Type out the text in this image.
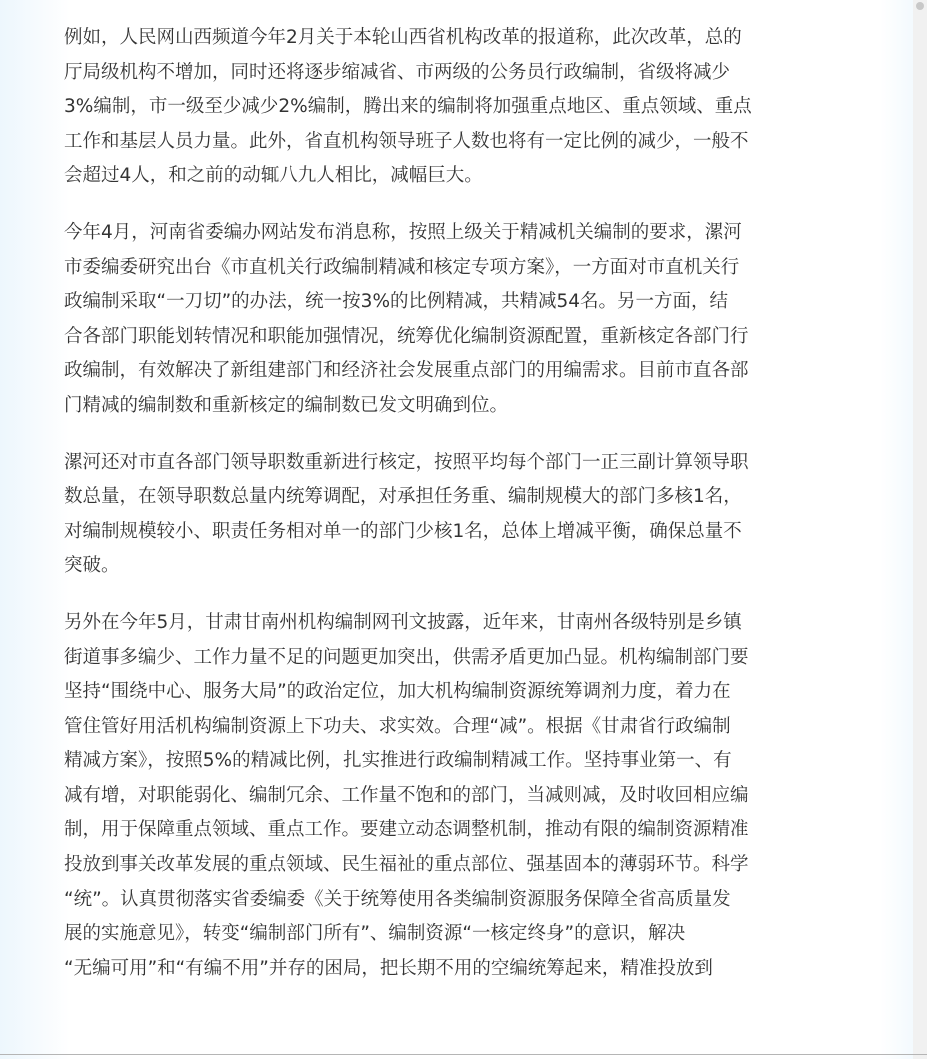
例如，人民网山西频道今年2月关于本轮山西省机构改革的报道称，此次改革，总的
厅局级机构不增加，同时还将逐步缩减省、市两级的公务员行政编制，省级将减少
3%编制，市一级至少减少2%编制，腾出来的编制将加强重点地区、重点领域、重点
工作和基层人员力量。此外，省直机构领导班子人数也将有一定比例的减少，一般不
会超过4人，和之前的动辄八九人相比，减幅巨大。

今年4月，河南省委编办网站发布消息称，按照上级关于精减机关编制的要求，漯河
市委编委研究出台《市直机关行政编制精减和核定专项方案》，一方面对市直机关行
政编制采取“一刀切”的办法，统一按3%的比例精减，共精减54名。另一方面，结
合各部门职能划转情况和职能加强情况，统筹优化编制资源配置，重新核定各部门行
政编制，有效解决了新组建部门和经济社会发展重点部门的用编需求。目前市直各部
门精减的编制数和重新核定的编制数已发文明确到位。

漯河还对市直各部门领导职数重新进行核定，按照平均每个部门一正三副计算领导职
数总量，在领导职数总量内统筹调配，对承担任务重、编制规模大的部门多核1名，
对编制规模较小、职责任务相对单一的部门少核1名，总体上增减平衡，确保总量不
突破。

另外在今年5月，甘肃甘南州机构编制网刊文披露，近年来，甘南州各级特别是乡镇
街道事多编少、工作力量不足的问题更加突出，供需矛盾更加凸显。机构编制部门要
坚持“围绕中心、服务大局”的政治定位，加大机构编制资源统筹调剂力度，着力在
管住管好用活机构编制资源上下功夫、求实效。合理“减”。根据《甘肃省行政编制
精减方案》，按照5%的精减比例，扎实推进行政编制精减工作。坚持事业第一、有
减有增，对职能弱化、编制冗余、工作量不饱和的部门，当减则减，及时收回相应编
制，用于保障重点领域、重点工作。要建立动态调整机制，推动有限的编制资源精准
投放到事关改革发展的重点领域、民生福祉的重点部位、强基固本的薄弱环节。科学
“统”。认真贯彻落实省委编委《关于统筹使用各类编制资源服务保障全省高质量发
展的实施意见》，转变“编制部门所有”、编制资源“一核定终身”的意识，解决
“无编可用”和“有编不用”并存的困局，把长期不用的空编统筹起来，精准投放到
